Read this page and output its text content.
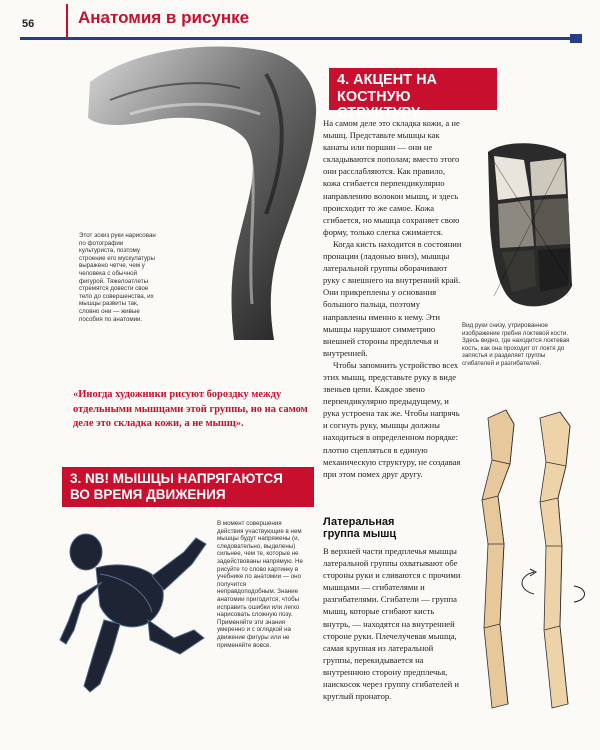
56	Анатомия в рисунке

Этот эскиз руки нарисован по фотографии культуриста, поэтому строение его мускулатуры выражено четче, чем у человека с обычной фигурой. Тяжелоатлеты стремятся довести свое тело до совершенства, их мышцы развиты так, словно они — живые пособия по анатомии.

4. АКЦЕНТ НА КОСТНУЮ
СТРУКТУРУ

На самом деле это складка кожи, а не мышц. Представьте мышцы как канаты или поршни — они не складываются пополам; вместо этого они расслабляются. Как правило, кожа сгибается перпендикулярно направлению волокон мышц, и здесь происходит то же самое. Кожа сгибается, но мышца сохраняет свою форму, только слегка сжимается.

Когда кисть находится в состоянии пронации (ладонью вниз), мышцы латеральной группы оборачивают руку с внешнего на внутренний край. Они прикреплены у основания большого пальца, поэтому направлены именно к нему. Эти мышцы нарушают симметрию внешней стороны предплечья и внутренней.

Чтобы запомнить устройство всех этих мышц, представьте руку в виде звеньев цепи. Каждое звено перпендикулярно предыдущему, и рука устроена так же. Чтобы напрячь и согнуть руку, мышцы должны находиться в определенном порядке: плотно сцепляться в единую механическую структуру, не создавая при этом помех друг другу.

Латеральная
группа мышц

В верхней части предплечья мышцы латеральной группы охватывают обе стороны руки и сливаются с прочими мышцами — сгибателями и разгибателями. Сгибатели — группа мышц, которые сгибают кисть внутрь, — находятся на внутренней стороне руки. Плечелучевая мышца, самая крупная из латеральной группы, перекидывается на внутреннюю сторону предплечья, наискосок через группу сгибателей и круглый пронатор.

Вид руки снизу, утрированное изображение гребня локтевой кости. Здесь видно, где находится локтевая кость, как она проходит от локтя до запястья и разделяет группы сгибателей и разгибателей.

«Иногда художники рисуют бороздку между отдельными мышцами этой группы, но на самом деле это складка кожи, а не мышц».

3. NB! МЫШЦЫ НАПРЯГАЮТСЯ
ВО ВРЕМЯ ДВИЖЕНИЯ

В момент совершения действия участвующие в нем мышцы будут напряжены (и, следовательно, выделены) сильнее, чем те, которые не задействованы напрямую. Не рисуйте то слово картинку в учебнике по анатомии — оно получится неправдоподобным. Знание анатомии пригодится, чтобы исправить ошибки или легко нарисовать сложную позу. Применяйте эти знания умеренно и с оглядкой на движение фигуры или не применяйте вовсе.
